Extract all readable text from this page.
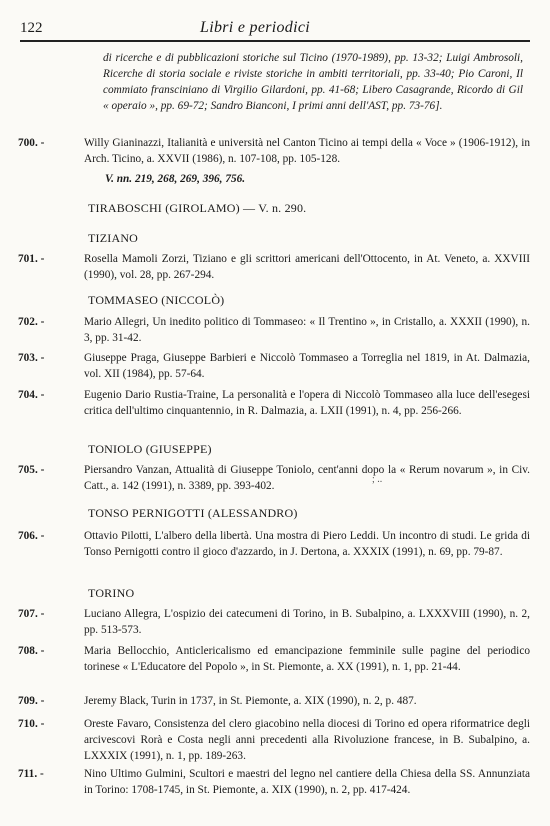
122	Libri e periodici
di ricerche e di pubblicazioni storiche sul Ticino (1970-1989), pp. 13-32; Luigi Ambrosoli, Ricerche di storia sociale e riviste storiche in ambiti territoriali, pp. 33-40; Pio Caroni, Il commiato fransciniano di Virgilio Gilardoni, pp. 41-68; Libero Casagrande, Ricordo di Gil « operaio », pp. 69-72; Sandro Bianconi, I primi anni dell'AST, pp. 73-76].
700. -	Willy Gianinazzi, Italianità e università nel Canton Ticino ai tempi della « Voce » (1906-1912), in Arch. Ticino, a. XXVII (1986), n. 107-108, pp. 105-128.
V. nn. 219, 268, 269, 396, 756.
TIRABOSCHI (GIROLAMO) — V. n. 290.
TIZIANO
701. -	Rosella Mamoli Zorzi, Tiziano e gli scrittori americani dell'Ottocento, in At. Veneto, a. XXVIII (1990), vol. 28, pp. 267-294.
TOMMASEO (NICCOLÒ)
702. -	Mario Allegri, Un inedito politico di Tommaseo: « Il Trentino », in Cristallo, a. XXXII (1990), n. 3, pp. 31-42.
703. -	Giuseppe Praga, Giuseppe Barbieri e Niccolò Tommaseo a Torreglia nel 1819, in At. Dalmazia, vol. XII (1984), pp. 57-64.
704. -	Eugenio Dario Rustia-Traine, La personalità e l'opera di Niccolò Tommaseo alla luce dell'esegesi critica dell'ultimo cinquantennio, in R. Dalmazia, a. LXII (1991), n. 4, pp. 256-266.
TONIOLO (GIUSEPPE)
705. -	Piersandro Vanzan, Attualità di Giuseppe Toniolo, cent'anni dopo la « Rerum novarum », in Civ. Catt., a. 142 (1991), n. 3389, pp. 393-402.
TONSO PERNIGOTTI (ALESSANDRO)
706. -	Ottavio Pilotti, L'albero della libertà. Una mostra di Piero Leddi. Un incontro di studi. Le grida di Tonso Pernigotti contro il gioco d'azzardo, in J. Dertona, a. XXXIX (1991), n. 69, pp. 79-87.
TORINO
707. -	Luciano Allegra, L'ospizio dei catecumeni di Torino, in B. Subalpino, a. LXXXVIII (1990), n. 2, pp. 513-573.
708. -	Maria Bellocchio, Anticlericalismo ed emancipazione femminile sulle pagine del periodico torinese « L'Educatore del Popolo », in St. Piemonte, a. XX (1991), n. 1, pp. 21-44.
709. -	Jeremy Black, Turin in 1737, in St. Piemonte, a. XIX (1990), n. 2, p. 487.
710. -	Oreste Favaro, Consistenza del clero giacobino nella diocesi di Torino ed opera riformatrice degli arcivescovi Rorà e Costa negli anni precedenti alla Rivoluzione francese, in B. Subalpino, a. LXXXIX (1991), n. 1, pp. 189-263.
711. -	Nino Ultimo Gulmini, Scultori e maestri del legno nel cantiere della Chiesa della SS. Annunziata in Torino: 1708-1745, in St. Piemonte, a. XIX (1990), n. 2, pp. 417-424.
; ..
